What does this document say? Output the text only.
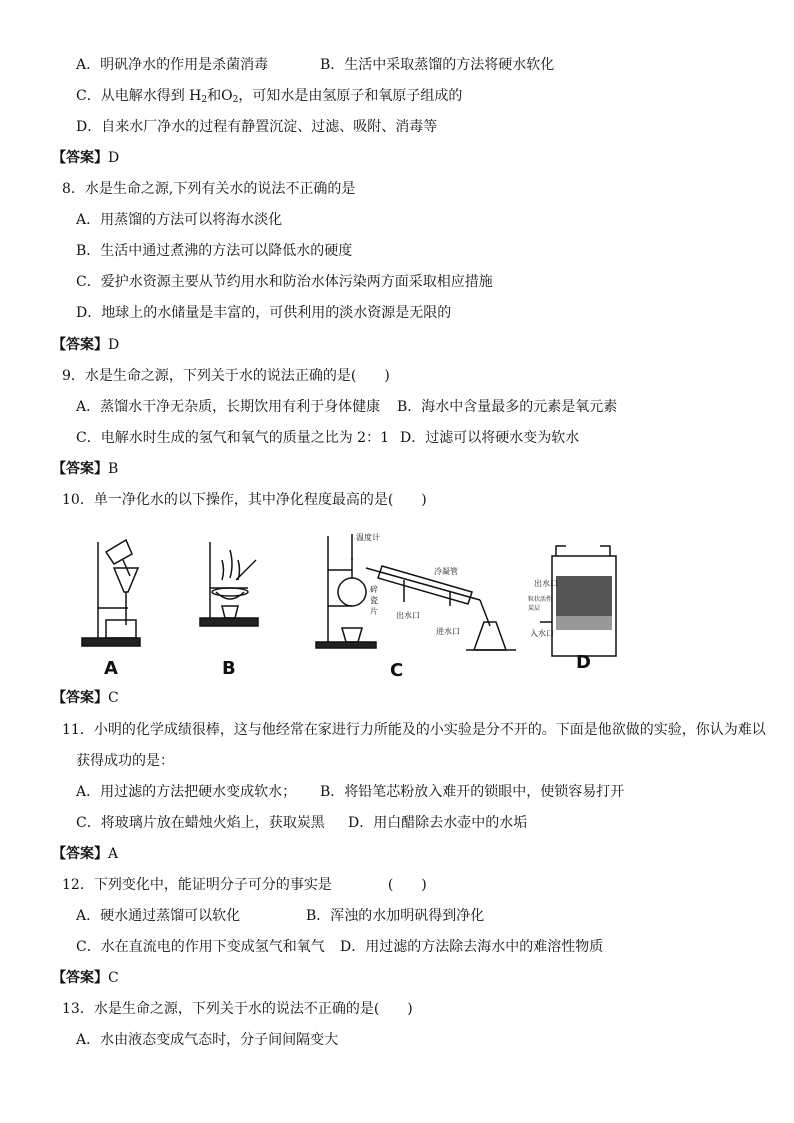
A．明矾净水的作用是杀菌消毒	B．生活中采取蒸馏的方法将硬水软化
C．从电解水得到 $H_2$和$O_2$，可知水是由氢原子和氧原子组成的
D．自来水厂净水的过程有静置沉淀、过滤、吸附、消毒等
【答案】D
8．水是生命之源,下列有关水的说法不正确的是
A．用蒸馏的方法可以将海水淡化
B．生活中通过煮沸的方法可以降低水的硬度
C．爱护水资源主要从节约用水和防治水体污染两方面采取相应措施
D．地球上的水储量是丰富的，可供利用的淡水资源是无限的
【答案】D
9．水是生命之源，下列关于水的说法正确的是(　　)
A．蒸馏水干净无杂质，长期饮用有利于身体健康 B．海水中含量最多的元素是氧元素
C．电解水时生成的氢气和氧气的质量之比为 2：1 D．过滤可以将硬水变为软水
【答案】B
10．单一净化水的以下操作，其中净化程度最高的是(　　)
A	B	C	D
温度计
碎瓷片
冷凝管
出水口
进水口
出水口
粒状活性炭层
入水口
【答案】C
11．小明的化学成绩很棒，这与他经常在家进行力所能及的小实验是分不开的。下面是他欲做的实验，你认为难以
获得成功的是：
A．用过滤的方法把硬水变成软水； B．将铅笔芯粉放入难开的锁眼中，使锁容易打开
C．将玻璃片放在蜡烛火焰上，获取炭黑 D．用白醋除去水壶中的水垢
【答案】A
12．下列变化中，能证明分子可分的事实是　　　　(　　)
A．硬水通过蒸馏可以软化	B．浑浊的水加明矾得到净化
C．水在直流电的作用下变成氢气和氧气 D．用过滤的方法除去海水中的难溶性物质
【答案】C
13．水是生命之源，下列关于水的说法不正确的是(　　)
A．水由液态变成气态时，分子间间隔变大
